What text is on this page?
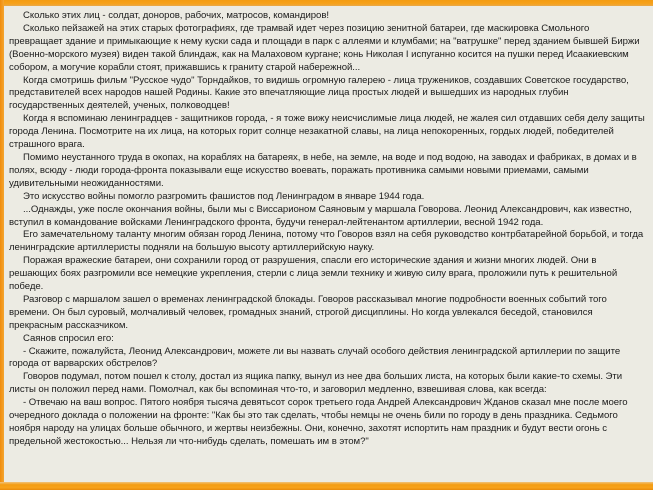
Сколько этих лиц - солдат, доноров, рабочих, матросов, командиров!

Сколько пейзажей на этих старых фотографиях, где трамвай идет через позицию зенитной батареи, где маскировка Смольного превращает здание и примыкающие к нему куски сада и площади в парк с аллеями и клумбами; на "ватрушке" перед зданием бывшей Биржи (Военно-морского музея) виден такой блиндаж, как на Малаховом кургане; конь Николая I испуганно косится на пушки перед Исаакиевским собором, а могучие корабли стоят, прижавшись к граниту старой набережной...

Когда смотришь фильм "Русское чудо" Торндайков, то видишь огромную галерею - лица тружеников, создавших Советское государство, представителей всех народов нашей Родины. Какие это впечатляющие лица простых людей и вышедших из народных глубин государственных деятелей, ученых, полководцев!

Когда я вспоминаю ленинградцев - защитников города, - я тоже вижу неисчислимые лица людей, не жалея сил отдавших себя делу защиты города Ленина. Посмотрите на их лица, на которых горит солнце незакатной славы, на лица непокоренных, гордых людей, победителей страшного врага.

Помимо неустанного труда в окопах, на кораблях на батареях, в небе, на земле, на воде и под водою, на заводах и фабриках, в домах и в полях, всюду - люди города-фронта показывали еще искусство воевать, поражать противника самыми новыми приемами, самыми удивительными неожиданностями.

Это искусство войны помогло разгромить фашистов под Ленинградом в январе 1944 года.

...Однажды, уже после окончания войны, были мы с Виссарионом Саяновым у маршала Говорова. Леонид Александрович, как известно, вступил в командование войсками Ленинградского фронта, будучи генерал-лейтенантом артиллерии, весной 1942 года.

Его замечательному таланту многим обязан город Ленина, потому что Говоров взял на себя руководство контрбатарейной борьбой, и тогда ленинградские артиллеристы подняли на большую высоту артиллерийскую науку.

Поражая вражеские батареи, они сохранили город от разрушения, спасли его исторические здания и жизни многих людей. Они в решающих боях разгромили все немецкие укрепления, стерли с лица земли технику и живую силу врага, проложили путь к решительной победе.

Разговор с маршалом зашел о временах ленинградской блокады. Говоров рассказывал многие подробности военных событий того времени. Он был суровый, молчаливый человек, громадных знаний, строгой дисциплины. Но когда увлекался беседой, становился прекрасным рассказчиком.

Саянов спросил его:

- Скажите, пожалуйста, Леонид Александрович, можете ли вы назвать случай особого действия ленинградской артиллерии по защите города от варварских обстрелов?

Говоров подумал, потом пошел к столу, достал из ящика папку, вынул из нее два больших листа, на которых были какие-то схемы. Эти листы он положил перед нами. Помолчал, как бы вспоминая что-то, и заговорил медленно, взвешивая слова, как всегда:

- Отвечаю на ваш вопрос. Пятого ноября тысяча девятьсот сорок третьего года Андрей Александрович Жданов сказал мне после моего очередного доклада о положении на фронте: "Как бы это так сделать, чтобы немцы не очень били по городу в день праздника. Седьмого ноября народу на улицах больше обычного, и жертвы неизбежны. Они, конечно, захотят испортить нам праздник и будут вести огонь с предельной жестокостью... Нельзя ли что-нибудь сделать, помешать им в этом?"
